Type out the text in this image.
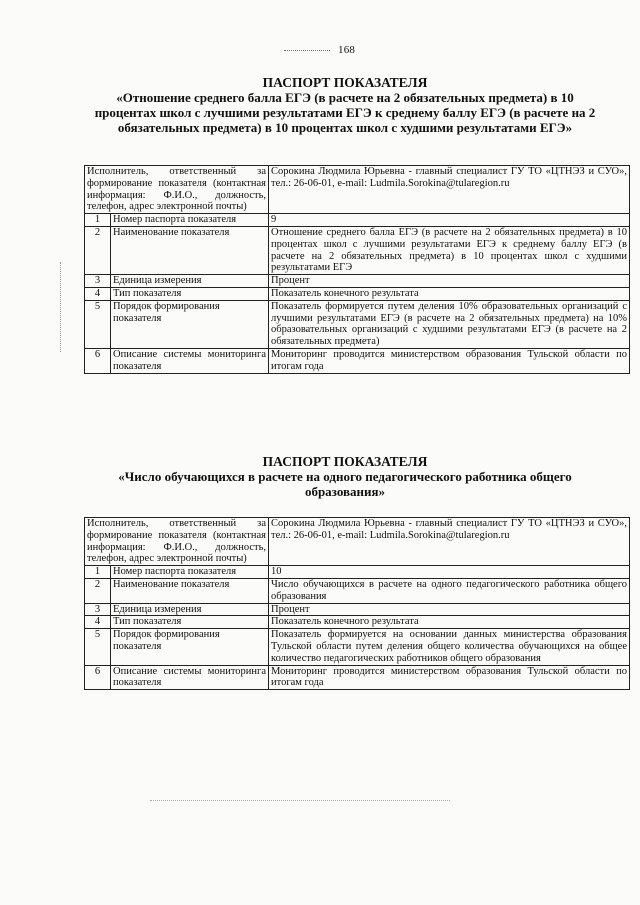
168

ПАСПОРТ ПОКАЗАТЕЛЯ

«Отношение среднего балла ЕГЭ (в расчете на 2 обязательных предмета) в 10 процентах школ с лучшими результатами ЕГЭ к среднему баллу ЕГЭ (в расчете на 2 обязательных предмета) в 10 процентах школ с худшими результатами ЕГЭ»

Исполнитель, ответственный за формирование показателя (контактная информация: Ф.И.О., должность, телефон, адрес электронной почты)		Сорокина Людмила Юрьевна - главный специалист ГУ ТО «ЦТНЭЗ и СУО», тел.: 26-06-01, e-mail: Ludmila.Sorokina@tularegion.ru
1	Номер паспорта показателя	9
2	Наименование показателя	Отношение среднего балла ЕГЭ (в расчете на 2 обязательных предмета) в 10 процентах школ с лучшими результатами ЕГЭ к среднему баллу ЕГЭ (в расчете на 2 обязательных предмета) в 10 процентах школ с худшими результатами ЕГЭ
3	Единица измерения	Процент
4	Тип показателя	Показатель конечного результата
5	Порядок формирования показателя	Показатель формируется путем деления 10% образовательных организаций с лучшими результатами ЕГЭ (в расчете на 2 обязательных предмета) на 10% образовательных организаций с худшими результатами ЕГЭ (в расчете на 2 обязательных предмета)
6	Описание системы мониторинга показателя	Мониторинг проводится министерством образования Тульской области по итогам года

ПАСПОРТ ПОКАЗАТЕЛЯ

«Число обучающихся в расчете на одного педагогического работника общего образования»

Исполнитель, ответственный за формирование показателя (контактная информация: Ф.И.О., должность, телефон, адрес электронной почты)		Сорокина Людмила Юрьевна - главный специалист ГУ ТО «ЦТНЭЗ и СУО», тел.: 26-06-01, e-mail: Ludmila.Sorokina@tularegion.ru
1	Номер паспорта показателя	10
2	Наименование показателя	Число обучающихся в расчете на одного педагогического работника общего образования
3	Единица измерения	Процент
4	Тип показателя	Показатель конечного результата
5	Порядок формирования показателя	Показатель формируется на основании данных министерства образования Тульской области путем деления общего количества обучающихся на общее количество педагогических работников общего образования
6	Описание системы мониторинга показателя	Мониторинг проводится министерством образования Тульской области по итогам года
